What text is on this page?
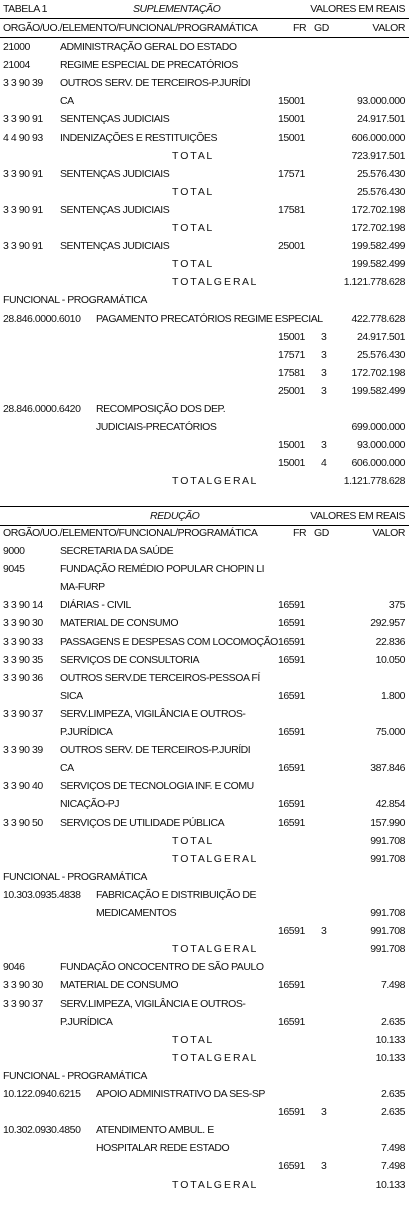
TABELA 1	SUPLEMENTAÇÃO	VALORES EM REAIS
ORGÃO/UO./ELEMENTO/FUNCIONAL/PROGRAMÁTICA	FR GD	VALOR
21000	ADMINISTRAÇÃO GERAL DO ESTADO
21004	REGIME ESPECIAL DE PRECATÓRIOS
3 3 90 39 OUTROS SERV. DE TERCEIROS-P.JURÍDI
CA	15001	93.000.000
3 3 90 91 SENTENÇAS JUDICIAIS	15001	24.917.501
4 4 90 93 INDENIZAÇÕES E RESTITUIÇÕES	15001	606.000.000
T O T A L	723.917.501
3 3 90 91 SENTENÇAS JUDICIAIS	17571	25.576.430
T O T A L	25.576.430
3 3 90 91 SENTENÇAS JUDICIAIS	17581	172.702.198
T O T A L	172.702.198
3 3 90 91 SENTENÇAS JUDICIAIS	25001	199.582.499
T O T A L	199.582.499
T O T A L G E R A L	1.121.778.628
FUNCIONAL - PROGRAMÁTICA
28.846.0000.6010 PAGAMENTO PRECATÓRIOS REGIME ESPECIAL	422.778.628
15001 3	24.917.501
17571 3	25.576.430
17581 3 172.702.198
25001 3 199.582.499
28.846.0000.6420 RECOMPOSIÇÃO DOS DEP.
JUDICIAIS-PRECATÓRIOS	699.000.000
15001 3	93.000.000
15001 4 606.000.000
T O T A L G E R A L	1.121.778.628
REDUÇÃO	VALORES EM REAIS
ORGÃO/UO./ELEMENTO/FUNCIONAL/PROGRAMÁTICA	FR GD	VALOR
9000	SECRETARIA DA SAÚDE
9045	FUNDAÇÃO REMÉDIO POPULAR CHOPIN LI
MA-FURP
3 3 90 14 DIÁRIAS - CIVIL	16591	375
3 3 90 30 MATERIAL DE CONSUMO	16591	292.957
3 3 90 33 PASSAGENS E DESPESAS COM LOCOMOÇÃO 16591	22.836
3 3 90 35 SERVIÇOS DE CONSULTORIA	16591	10.050
3 3 90 36 OUTROS SERV.DE TERCEIROS-PESSOA FÍ
SICA	16591	1.800
3 3 90 37 SERV.LIMPEZA, VIGILÂNCIA E OUTROS-
P.JURÍDICA	16591	75.000
3 3 90 39 OUTROS SERV. DE TERCEIROS-P.JURÍDI
CA	16591	387.846
3 3 90 40 SERVIÇOS DE TECNOLOGIA INF. E COMU
NICAÇÃO-PJ	16591	42.854
3 3 90 50 SERVIÇOS DE UTILIDADE PÚBLICA	16591	157.990
T O T A L	991.708
T O T A L G E R A L	991.708
FUNCIONAL - PROGRAMÁTICA
10.303.0935.4838 FABRICAÇÃO E DISTRIBUIÇÃO DE
MEDICAMENTOS	991.708
16591 3	991.708
T O T A L G E R A L	991.708
9046	FUNDAÇÃO ONCOCENTRO DE SÃO PAULO
3 3 90 30 MATERIAL DE CONSUMO	16591	7.498
3 3 90 37 SERV.LIMPEZA, VIGILÂNCIA E OUTROS-
P.JURÍDICA	16591	2.635
T O T A L	10.133
T O T A L G E R A L	10.133
FUNCIONAL - PROGRAMÁTICA
10.122.0940.6215 APOIO ADMINISTRATIVO DA SES-SP	2.635
16591 3	2.635
10.302.0930.4850 ATENDIMENTO AMBUL. E
HOSPITALAR REDE ESTADO	7.498
16591 3	7.498
T O T A L G E R A L	10.133
